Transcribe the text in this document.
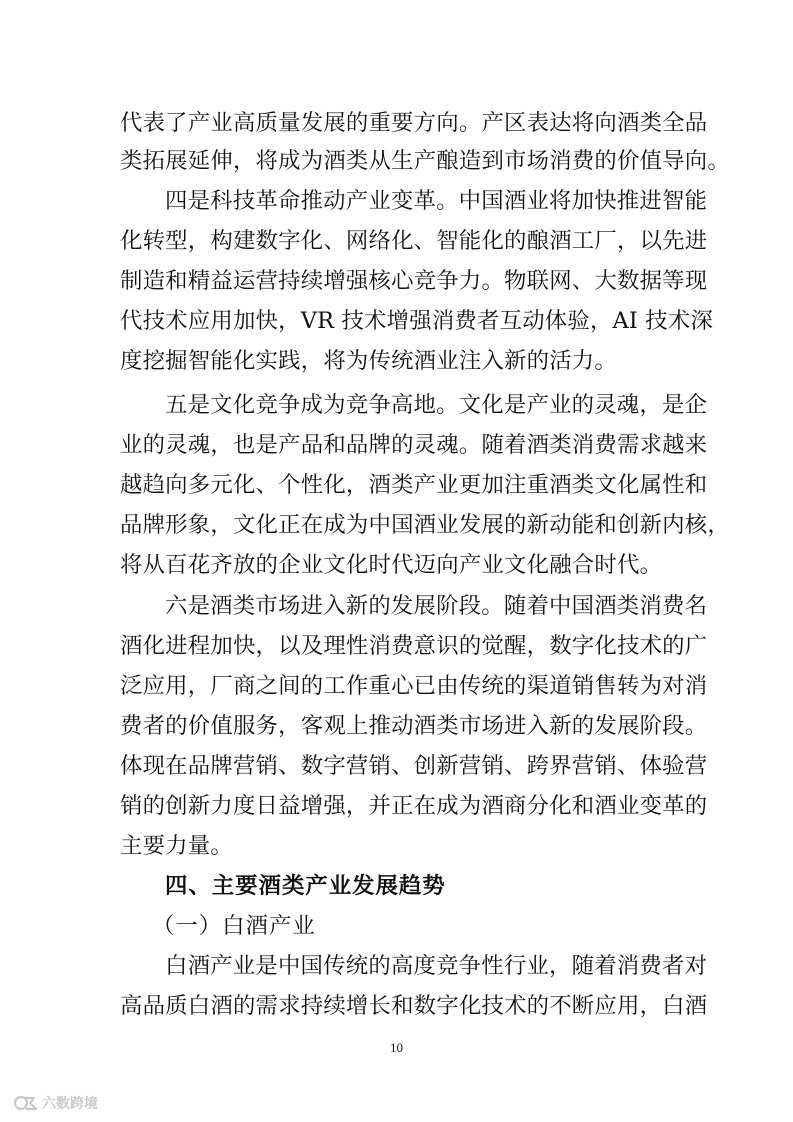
代表了产业高质量发展的重要方向。产区表达将向酒类全品
类拓展延伸，将成为酒类从生产酿造到市场消费的价值导向。
四是科技革命推动产业变革。中国酒业将加快推进智能
化转型，构建数字化、网络化、智能化的酿酒工厂，以先进
制造和精益运营持续增强核心竞争力。物联网、大数据等现
代技术应用加快，VR 技术增强消费者互动体验，AI 技术深
度挖掘智能化实践，将为传统酒业注入新的活力。
五是文化竞争成为竞争高地。文化是产业的灵魂，是企
业的灵魂，也是产品和品牌的灵魂。随着酒类消费需求越来
越趋向多元化、个性化，酒类产业更加注重酒类文化属性和
品牌形象，文化正在成为中国酒业发展的新动能和创新内核，
将从百花齐放的企业文化时代迈向产业文化融合时代。
六是酒类市场进入新的发展阶段。随着中国酒类消费名
酒化进程加快，以及理性消费意识的觉醒，数字化技术的广
泛应用，厂商之间的工作重心已由传统的渠道销售转为对消
费者的价值服务，客观上推动酒类市场进入新的发展阶段。
体现在品牌营销、数字营销、创新营销、跨界营销、体验营
销的创新力度日益增强，并正在成为酒商分化和酒业变革的
主要力量。
四、主要酒类产业发展趋势
（一）白酒产业
白酒产业是中国传统的高度竞争性行业，随着消费者对
高品质白酒的需求持续增长和数字化技术的不断应用，白酒
10
六数跨境
